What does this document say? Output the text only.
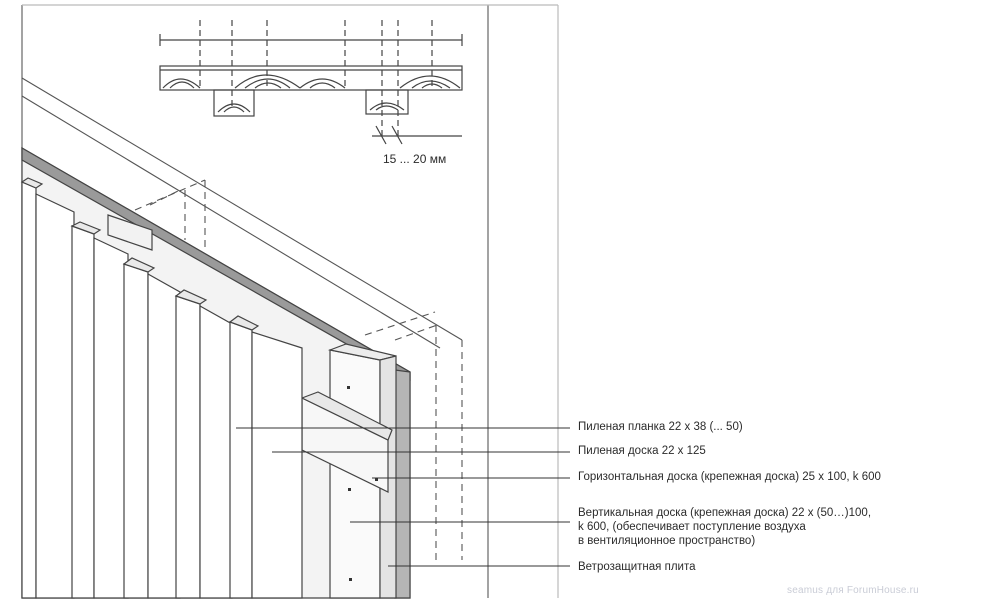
15 ... 20 мм
Пиленая планка 22 x 38 (... 50)
Пиленая доска 22 x 125
Горизонтальная доска (крепежная доска) 25 x 100, k 600
Вертикальная доска (крепежная доска) 22 x (50…)100,
k 600, (обеспечивает поступление воздуха
в вентиляционное пространство)
Ветрозащитная плита
seamus для ForumHouse.ru
